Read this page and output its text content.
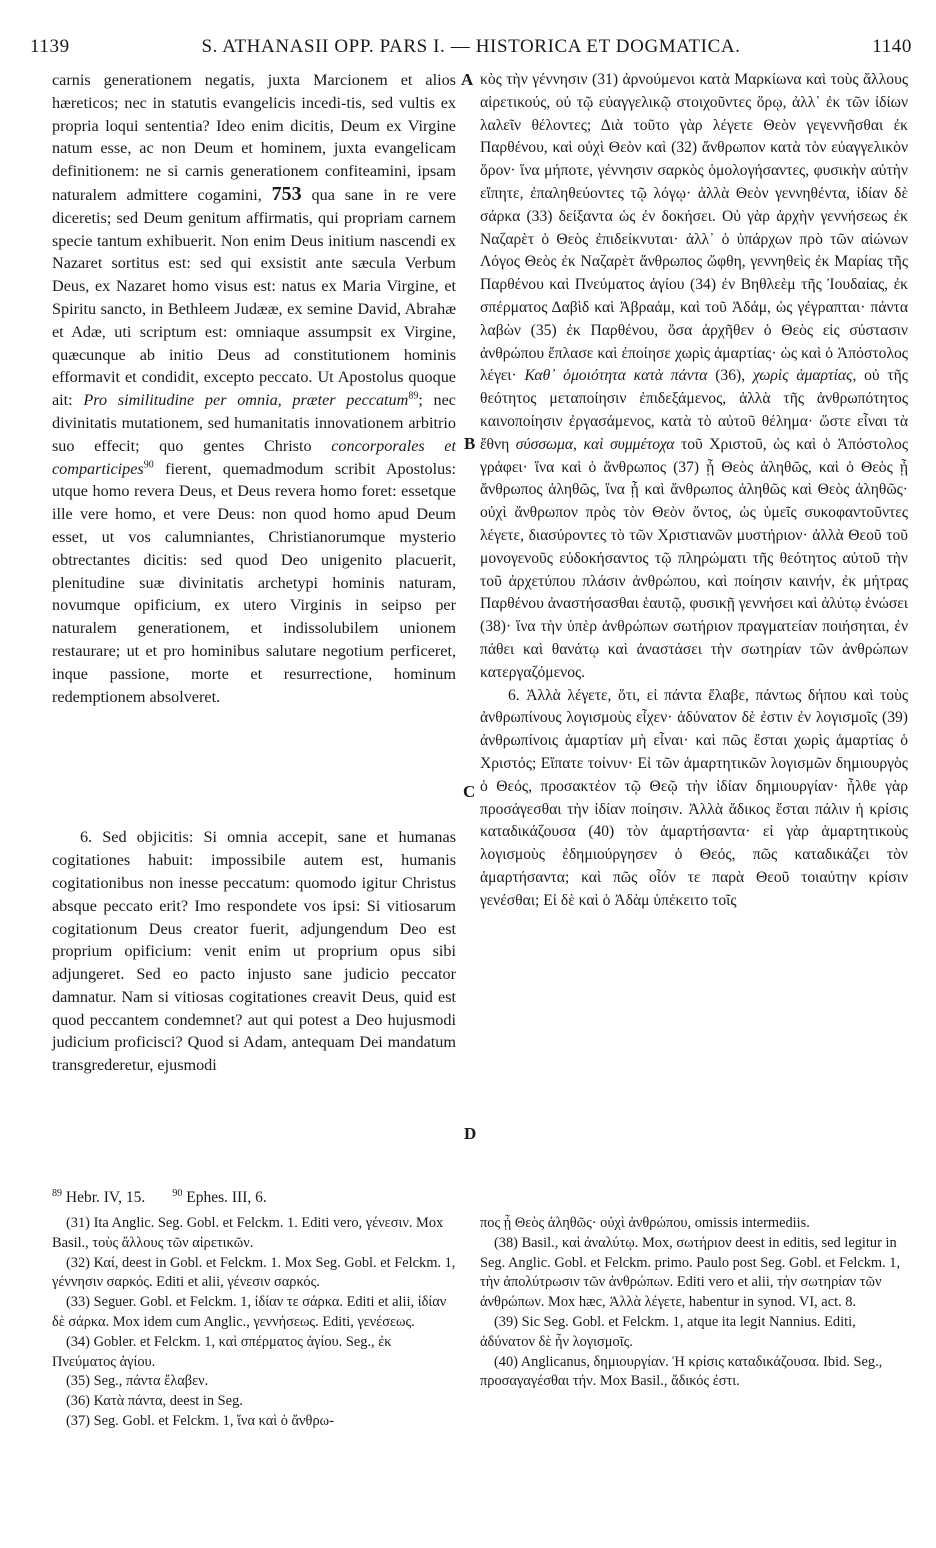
1139	S. ATHANASII OPP. PARS I. — HISTORICA ET DOGMATICA.	1140
A
B
C
D

carnis generationem negatis, juxta Marcionem et alios hæreticos; nec in statutis evangelicis incedi-tis, sed vultis ex propria loqui sententia? Ideo enim dicitis, Deum ex Virgine natum esse, ac non Deum et hominem, juxta evangelicam definitionem: ne si carnis generationem confiteamini, ipsam naturalem admittere cogamini, 753 qua sane in re vere diceretis; sed Deum genitum affirmatis, qui propriam carnem specie tantum exhibuerit. Non enim Deus initium nascendi ex Nazaret sortitus est: sed qui exsistit ante sæcula Verbum Deus, ex Nazaret homo visus est: natus ex Maria Virgine, et Spiritu sancto, in Bethleem Judææ, ex semine David, Abrahæ et Adæ, uti scriptum est: omniaque assumpsit ex Virgine, quæcunque ab initio Deus ad constitutionem hominis efformavit et condidit, excepto peccato. Ut Apostolus quoque ait: Pro similitudine per omnia, præter peccatum$^{89}$; nec divinitatis mutationem, sed humanitatis innovationem arbitrio suo effecit; quo gentes Christo concorporales et comparticipes$^{90}$ fierent, quemadmodum scribit Apostolus: utque homo revera Deus, et Deus revera homo foret: essetque ille vere homo, et vere Deus: non quod homo apud Deum esset, ut vos calumniantes, Christianorumque mysterio obtrectantes dicitis: sed quod Deo unigenito placuerit, plenitudine suæ divinitatis archetypi hominis naturam, novumque opificium, ex utero Virginis in seipso per naturalem generationem, et indissolubilem unionem restaurare; ut et pro hominibus salutare negotium perficeret, inque passione, morte et resurrectione, hominum redemptionem absolveret.

6. Sed objicitis: Si omnia accepit, sane et humanas cogitationes habuit: impossibile autem est, humanis cogitationibus non inesse peccatum: quomodo igitur Christus absque peccato erit? Imo respondete vos ipsi: Si vitiosarum cogitationum Deus creator fuerit, adjungendum Deo est proprium opificium: venit enim ut proprium opus sibi adjungeret. Sed eo pacto injusto sane judicio peccator damnatur. Nam si vitiosas cogitationes creavit Deus, quid est quod peccantem condemnet? aut qui potest a Deo hujusmodi judicium proficisci? Quod si Adam, antequam Dei mandatum transgrederetur, ejusmodi

κὸς τὴν γέννησιν (31) ἀρνούμενοι κατὰ Μαρκίωνα καὶ τοὺς ἄλλους αἱρετικούς, οὐ τῷ εὐαγγελικῷ στοιχοῦντες ὅρῳ, ἀλλ᾽ ἐκ τῶν ἰδίων λαλεῖν θέλοντες; Διὰ τοῦτο γὰρ λέγετε Θεὸν γεγεννῆσθαι ἐκ Παρθένου, καὶ οὐχὶ Θεὸν καὶ (32) ἄνθρωπον κατὰ τὸν εὐαγγελικὸν ὅρον· ἵνα μήποτε, γέννησιν σαρκὸς ὁμολογήσαντες, φυσικὴν αὐτὴν εἴπητε, ἐπαληθεύοντες τῷ λόγῳ· ἀλλὰ Θεὸν γεννηθέντα, ἰδίαν δὲ σάρκα (33) δείξαντα ὡς ἐν δοκήσει. Οὐ γὰρ ἀρχὴν γεννήσεως ἐκ Ναζαρὲτ ὁ Θεὸς ἐπιδείκνυται· ἀλλ᾽ ὁ ὑπάρχων πρὸ τῶν αἰώνων Λόγος Θεὸς ἐκ Ναζαρὲτ ἄνθρωπος ὤφθη, γεννηθεὶς ἐκ Μαρίας τῆς Παρθένου καὶ Πνεύματος ἁγίου (34) ἐν Βηθλεὲμ τῆς Ἰουδαίας, ἐκ σπέρματος Δαβὶδ καὶ Ἀβραάμ, καὶ τοῦ Ἀδάμ, ὡς γέγραπται· πάντα λαβὼν (35) ἐκ Παρθένου, ὅσα ἀρχῆθεν ὁ Θεὸς εἰς σύστασιν ἀνθρώπου ἔπλασε καὶ ἐποίησε χωρὶς ἁμαρτίας· ὡς καὶ ὁ Ἀπόστολος λέγει· Καθ᾽ ὁμοιότητα κατὰ πάντα (36), χωρὶς ἁμαρτίας, οὐ τῆς θεότητος μεταποίησιν ἐπιδεξάμενος, ἀλλὰ τῆς ἀνθρωπότητος καινοποίησιν ἐργασάμενος, κατὰ τὸ αὐτοῦ θέλημα· ὥστε εἶναι τὰ ἔθνη σύσσωμα, καὶ συμμέτοχα τοῦ Χριστοῦ, ὡς καὶ ὁ Ἀπόστολος γράφει· ἵνα καὶ ὁ ἄνθρωπος (37) ᾖ Θεὸς ἀληθῶς, καὶ ὁ Θεὸς ᾖ ἄνθρωπος ἀληθῶς, ἵνα ᾖ καὶ ἄνθρωπος ἀληθῶς καὶ Θεὸς ἀληθῶς· οὐχὶ ἄνθρωπον πρὸς τὸν Θεὸν ὄντος, ὡς ὑμεῖς συκοφαντοῦντες λέγετε, διασύροντες τὸ τῶν Χριστιανῶν μυστήριον· ἀλλὰ Θεοῦ τοῦ μονογενοῦς εὐδοκήσαντος τῷ πληρώματι τῆς θεότητος αὐτοῦ τὴν τοῦ ἀρχετύπου πλάσιν ἀνθρώπου, καὶ ποίησιν καινήν, ἐκ μήτρας Παρθένου ἀναστήσασθαι ἑαυτῷ, φυσικῇ γεννήσει καὶ ἀλύτῳ ἑνώσει (38)· ἵνα τὴν ὑπὲρ ἀνθρώπων σωτήριον πραγματείαν ποιήσηται, ἐν πάθει καὶ θανάτῳ καὶ ἀναστάσει τὴν σωτηρίαν τῶν ἀνθρώπων κατεργαζόμενος.

6. Ἀλλὰ λέγετε, ὅτι, εἰ πάντα ἔλαβε, πάντως δήπου καὶ τοὺς ἀνθρωπίνους λογισμοὺς εἶχεν· ἀδύνατον δὲ ἐστιν ἐν λογισμοῖς (39) ἀνθρωπίνοις ἁμαρτίαν μὴ εἶναι· καὶ πῶς ἔσται χωρὶς ἁμαρτίας ὁ Χριστός; Εἴπατε τοίνυν· Εἰ τῶν ἁμαρτητικῶν λογισμῶν δημιουργὸς ὁ Θεός, προσακτέον τῷ Θεῷ τὴν ἰδίαν δημιουργίαν· ἦλθε γὰρ προσάγεσθαι τὴν ἰδίαν ποίησιν. Ἀλλὰ ἄδικος ἔσται πάλιν ἡ κρίσις καταδικάζουσα (40) τὸν ἁμαρτήσαντα· εἰ γὰρ ἁμαρτητικοὺς λογισμοὺς ἐδημιούργησεν ὁ Θεός, πῶς καταδικάζει τὸν ἁμαρτήσαντα; καὶ πῶς οἷόν τε παρὰ Θεοῦ τοιαύτην κρίσιν γενέσθαι; Εἰ δὲ καὶ ὁ Ἀδὰμ ὑπέκειτο τοῖς

$^{89}$ Hebr. IV, 15.	$^{90}$ Ephes. III, 6.

(31) Ita Anglic. Seg. Gobl. et Felckm. 1. Editi vero, γένεσιν. Mox Basil., τοὺς ἄλλους τῶν αἱρετικῶν.

(32) Καί, deest in Gobl. et Felckm. 1. Mox Seg. Gobl. et Felckm. 1, γέννησιν σαρκός. Editi et alii, γένεσιν σαρκός.

(33) Seguer. Gobl. et Felckm. 1, ἰδίαν τε σάρκα. Editi et alii, ἰδίαν δὲ σάρκα. Mox idem cum Anglic., γεννήσεως. Editi, γενέσεως.

(34) Gobler. et Felckm. 1, καὶ σπέρματος ἁγίου. Seg., ἐκ Πνεύματος ἁγίου.

(35) Seg., πάντα ἔλαβεν.

(36) Κατὰ πάντα, deest in Seg.

(37) Seg. Gobl. et Felckm. 1, ἵνα καὶ ὁ ἄνθρω-

πος ᾖ Θεὸς ἀληθῶς· οὐχὶ ἀνθρώπου, omissis intermediis.

(38) Basil., καὶ ἀναλύτῳ. Mox, σωτήριον deest in editis, sed legitur in Seg. Anglic. Gobl. et Felckm. primo. Paulo post Seg. Gobl. et Felckm. 1, τὴν ἀπολύτρωσιν τῶν ἀνθρώπων. Editi vero et alii, τὴν σωτηρίαν τῶν ἀνθρώπων. Mox hæc, Ἀλλὰ λέγετε, habentur in synod. VI, act. 8.

(39) Sic Seg. Gobl. et Felckm. 1, atque ita legit Nannius. Editi, ἀδύνατον δὲ ἦν λογισμοῖς.

(40) Anglicanus, δημιουργίαν. Ἡ κρίσις καταδικάζουσα. Ibid. Seg., προσαγαγέσθαι τήν. Mox Basil., ἄδικός ἐστι.
